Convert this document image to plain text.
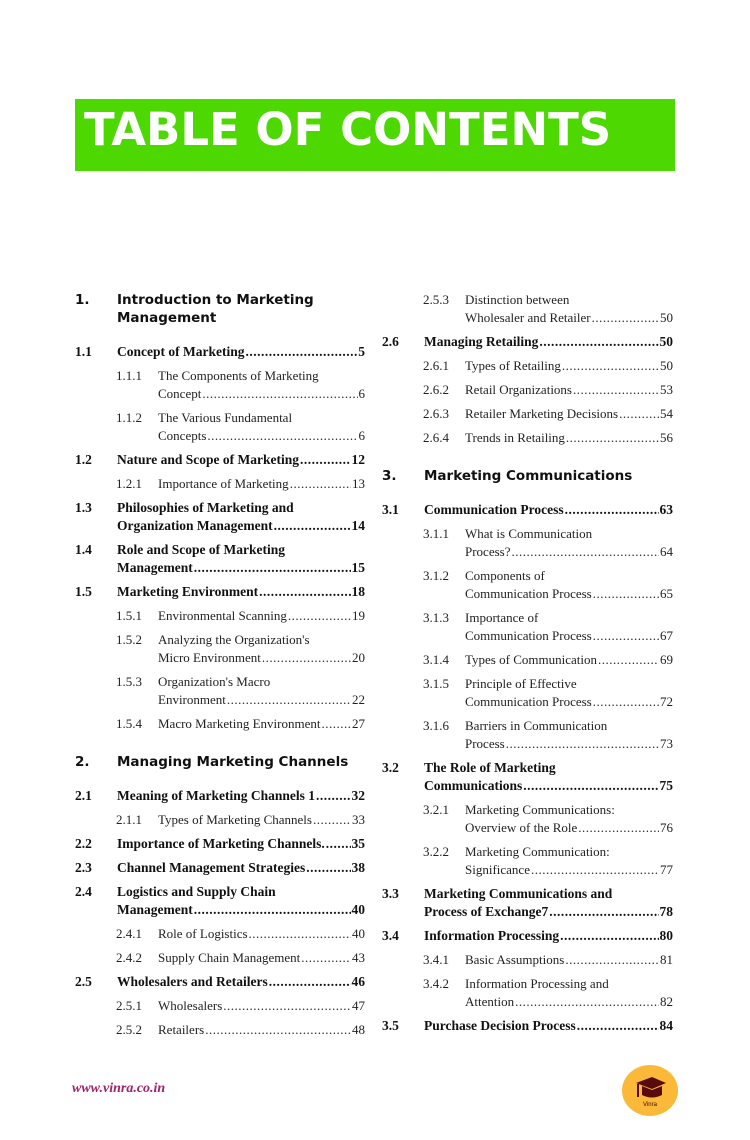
TABLE OF CONTENTS
1. Introduction to Marketing
Management
1.1 Concept of Marketing .....	5
1.1.1 The Components of Marketing
Concept .....	6
1.1.2 The Various Fundamental
Concepts .....	6
1.2 Nature and Scope of Marketing .....	12
1.2.1 Importance of Marketing .....	13
1.3 Philosophies of Marketing and
Organization Management .....	14
1.4 Role and Scope of Marketing
Management .....	15
1.5 Marketing Environment .....	18
1.5.1 Environmental Scanning .....	19
1.5.2 Analyzing the Organization's
Micro Environment .....	20
1.5.3 Organization's Macro
Environment .....	22
1.5.4 Macro Marketing Environment ..... 27
2. Managing Marketing Channels
2.1 Meaning of Marketing Channels 1 .....	32
2.1.1 Types of Marketing Channels .....	33
2.2 Importance of Marketing Channels. ..... 35
2.3 Channel Management Strategies .....	38
2.4 Logistics and Supply Chain
Management .....	40
2.4.1 Role of Logistics .....	40
2.4.2 Supply Chain Management .....	43
2.5 Wholesalers and Retailers .....	46
2.5.1 Wholesalers .....	47
2.5.2 Retailers .....	48
2.5.3 Distinction between
Wholesaler and Retailer .....	50
2.6 Managing Retailing .....	50
2.6.1 Types of Retailing .....	50
2.6.2 Retail Organizations .....	53
2.6.3 Retailer Marketing Decisions .....	54
2.6.4 Trends in Retailing .....	56
3. Marketing Communications
3.1 Communication Process .....	63
3.1.1 What is Communication
Process? .....	64
3.1.2 Components of
Communication Process .....	65
3.1.3 Importance of
Communication Process .....	67
3.1.4 Types of Communication .....	69
3.1.5 Principle of Effective
Communication Process .....	72
3.1.6 Barriers in Communication
Process .....	73
3.2 The Role of Marketing
Communications .....	75
3.2.1 Marketing Communications:
Overview of the Role .....	76
3.2.2 Marketing Communication:
Significance .....	77
3.3 Marketing Communications and
Process of Exchange7 .....	78
3.4 Information Processing .....	80
3.4.1 Basic Assumptions .....	81
3.4.2 Information Processing and
Attention .....	82
3.5 Purchase Decision Process .....	84
www.vinra.co.in
Vinra
